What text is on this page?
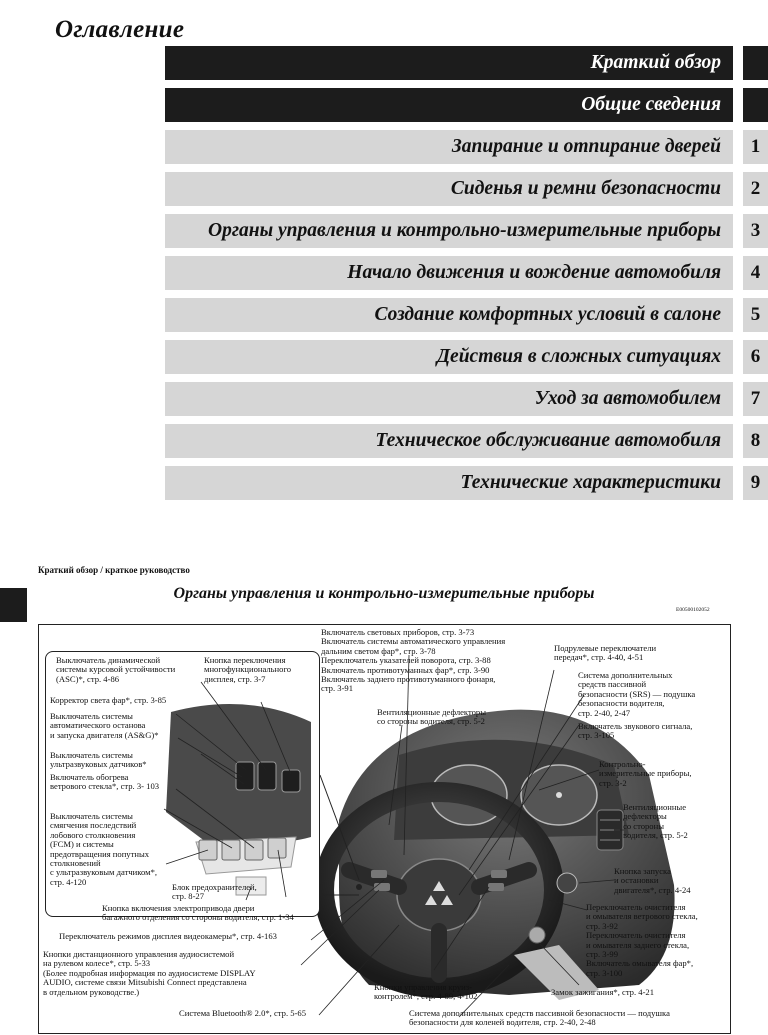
Оглавление
Краткий обзор
Общие сведения
Запирание и отпирание дверей	1
Сиденья и ремни безопасности	2
Органы управления и контрольно-измерительные приборы	3
Начало движения и вождение автомобиля	4
Создание комфортных условий в салоне	5
Действия в сложных ситуациях	6
Уход за автомобилем	7
Техническое обслуживание автомобиля	8
Технические характеристики	9
Краткий обзор / краткое руководство
Органы управления и контрольно-измерительные приборы
E00500102052
Выключатель динамической
системы курсовой устойчивости
(ASC)*, стр. 4-86
Кнопка переключения
многофункционального
дисплея, стр. 3-7
Корректор света фар*, стр. 3-85
Выключатель системы
автоматического останова
и запуска двигателя (AS&G)*
Выключатель системы
ультразвуковых датчиков*
Включатель обогрева
ветрового стекла*, стр. 3- 103
Выключатель системы
смягчения последствий
лобового столкновения
(FCM) и системы
предотвращения попутных
столкновений
с ультразвуковым датчиком*,
стр. 4-120
Блок предохранителей,
стр. 8-27
Кнопка включения электропривода двери
багажного отделения со стороны водителя, стр. 1-34
Включатель световых приборов, стр. 3-73
Включатель системы автоматического управления
дальним светом фар*, стр. 3-78
Переключатель указателей поворота, стр. 3-88
Включатель противотуманных фар*, стр. 3-90
Включатель заднего противотуманного фонаря,
стр. 3-91
Подрулевые переключатели
передач*, стр. 4-40, 4-51
Система дополнительных
средств пассивной
безопасности (SRS) — подушка
безопасности водителя,
стр. 2-40, 2-47
Включатель звукового сигнала,
стр. 3-105
Вентиляционные дефлекторы
со стороны водителя, стр. 5-2
Контрольно-
измерительные приборы,
стр. 3-2
Вентиляционные
дефлекторы
со стороны
водителя, стр. 5-2
Кнопка запуска
и остановки
двигателя*, стр. 4-24
Переключатель очистителя
и омывателя ветрового стекла,
стр. 3-92
Переключатель очистителя
и омывателя заднего стекла,
стр. 3-99
Включатель омывателя фар*,
стр. 3-100
Переключатель режимов дисплея видеокамеры*, стр. 4-163
Кнопки дистанционного управления аудиосистемой
на рулевом колесе*, стр. 5-33
(Более подробная информация по аудиосистеме DISPLAY
AUDIO, системе связи Mitsubishi Connect представлена
в отдельном руководстве.)	Кнопки управления круиз-
контролем*, стр. 4-89, 4-102	Замок зажигания*, стр. 4-21
Система Bluetooth® 2.0*, стр. 5-65	Система дополнительных средств пассивной безопасности — подушка
безопасности для коленей водителя, стр. 2-40, 2-48
